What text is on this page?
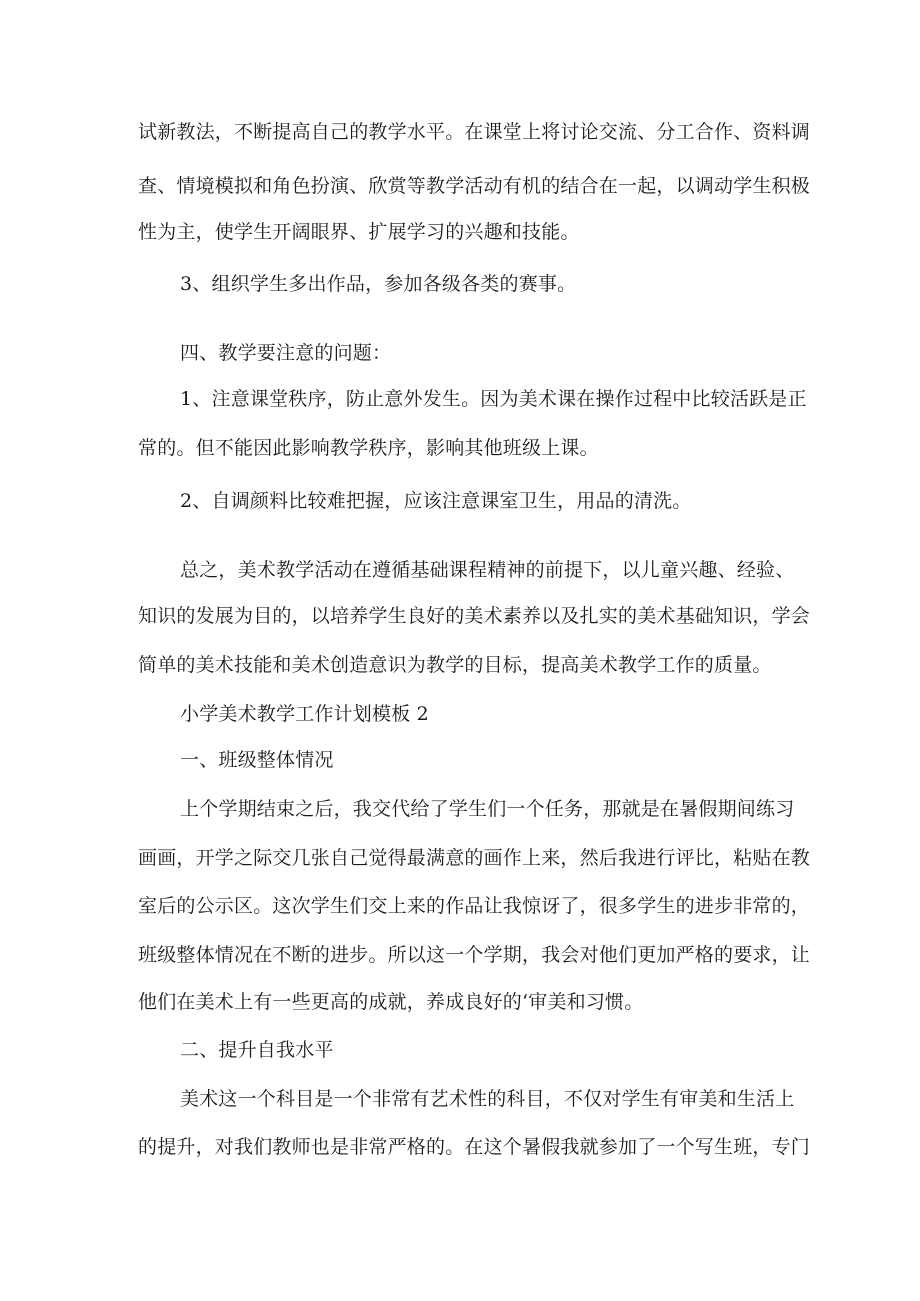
试新教法，不断提高自己的教学水平。在课堂上将讨论交流、分工合作、资料调
查、情境模拟和角色扮演、欣赏等教学活动有机的结合在一起，以调动学生积极
性为主，使学生开阔眼界、扩展学习的兴趣和技能。
3、组织学生多出作品，参加各级各类的赛事。
四、教学要注意的问题：
1、注意课堂秩序，防止意外发生。因为美术课在操作过程中比较活跃是正
常的。但不能因此影响教学秩序，影响其他班级上课。
2、自调颜料比较难把握，应该注意课室卫生，用品的清洗。
总之，美术教学活动在遵循基础课程精神的前提下，以儿童兴趣、经验、
知识的发展为目的，以培养学生良好的美术素养以及扎实的美术基础知识，学会
简单的美术技能和美术创造意识为教学的目标，提高美术教学工作的质量。
小学美术教学工作计划模板 2
一、班级整体情况
上个学期结束之后，我交代给了学生们一个任务，那就是在暑假期间练习
画画，开学之际交几张自己觉得最满意的画作上来，然后我进行评比，粘贴在教
室后的公示区。这次学生们交上来的作品让我惊讶了，很多学生的进步非常的，
班级整体情况在不断的进步。所以这一个学期，我会对他们更加严格的要求，让
他们在美术上有一些更高的成就，养成良好的‘审美和习惯。
二、提升自我水平
美术这一个科目是一个非常有艺术性的科目，不仅对学生有审美和生活上
的提升，对我们教师也是非常严格的。在这个暑假我就参加了一个写生班，专门
